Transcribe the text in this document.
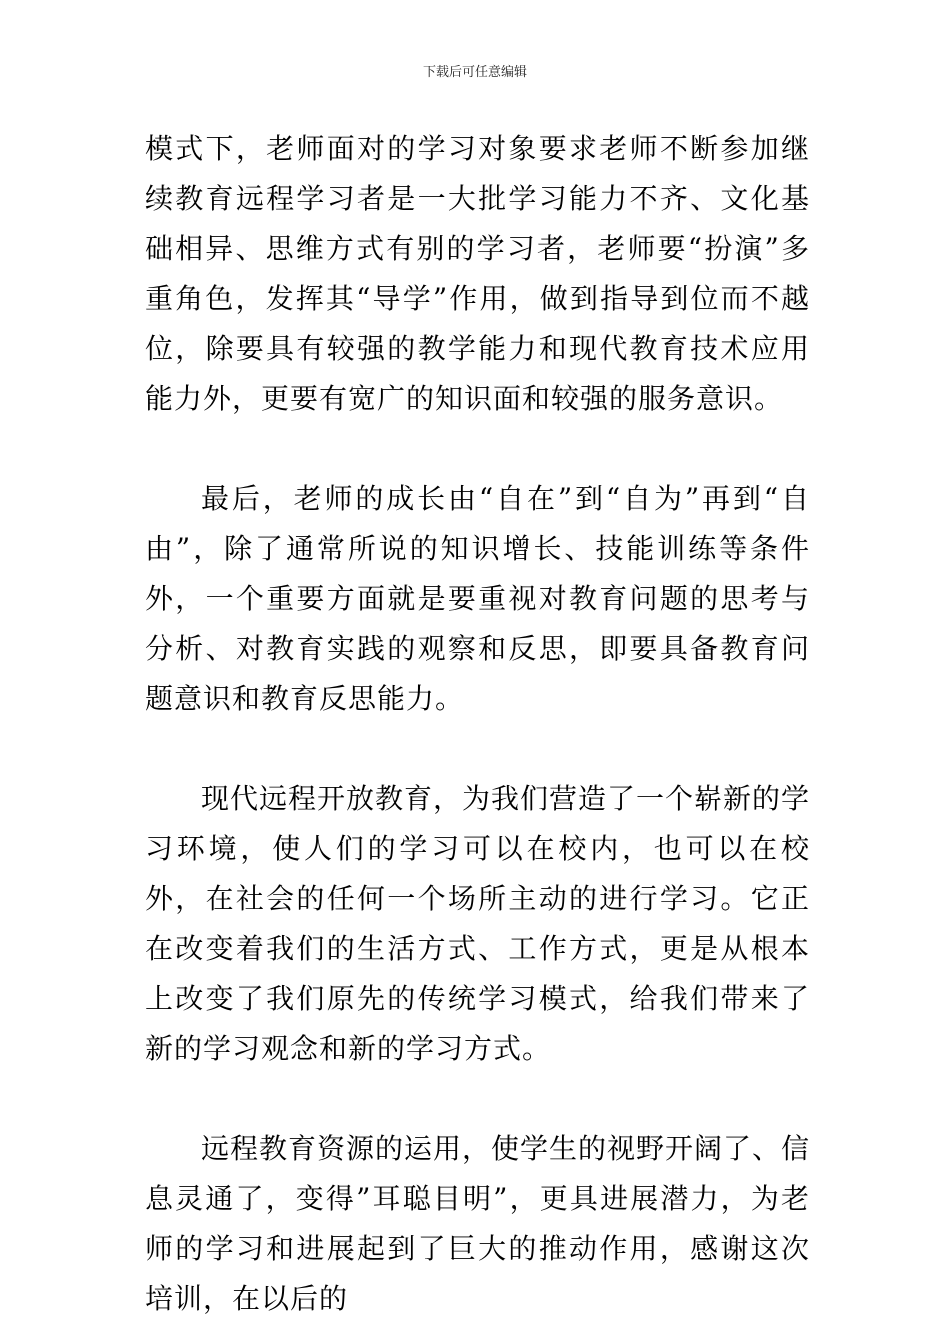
下载后可任意编辑

模式下，老师面对的学习对象要求老师不断参加继续教育远程学习者是一大批学习能力不齐、文化基础相异、思维方式有别的学习者，老师要“扮演”多重角色，发挥其“导学”作用，做到指导到位而不越位，除要具有较强的教学能力和现代教育技术应用能力外，更要有宽广的知识面和较强的服务意识。

最后，老师的成长由“自在”到“自为”再到“自由”，除了通常所说的知识增长、技能训练等条件外，一个重要方面就是要重视对教育问题的思考与分析、对教育实践的观察和反思，即要具备教育问题意识和教育反思能力。

现代远程开放教育，为我们营造了一个崭新的学习环境，使人们的学习可以在校内，也可以在校外，在社会的任何一个场所主动的进行学习。它正在改变着我们的生活方式、工作方式，更是从根本上改变了我们原先的传统学习模式，给我们带来了新的学习观念和新的学习方式。

远程教育资源的运用，使学生的视野开阔了、信息灵通了，变得”耳聪目明”，更具进展潜力，为老师的学习和进展起到了巨大的推动作用，感谢这次培训，在以后的
